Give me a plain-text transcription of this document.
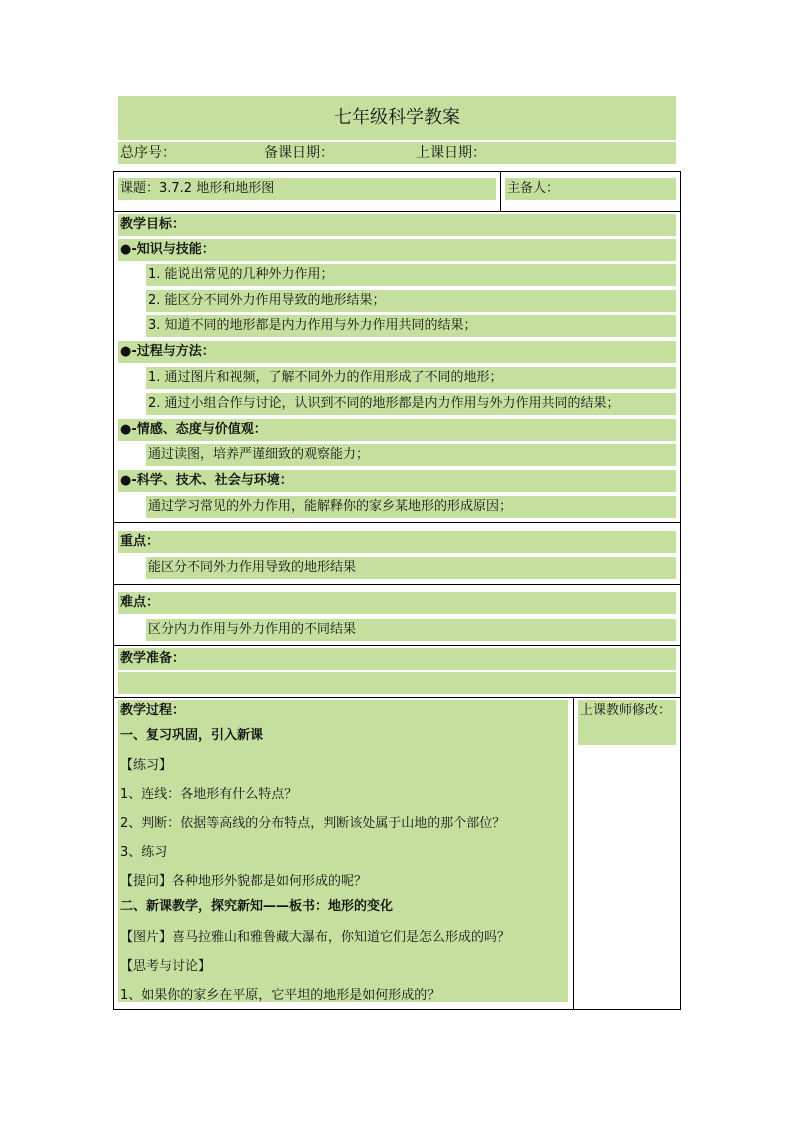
七年级科学教案
总序号：	备课日期：	上课日期：
课题：3.7.2 地形和地形图	主备人：
教学目标：
●-知识与技能：
1. 能说出常见的几种外力作用；
2. 能区分不同外力作用导致的地形结果；
3. 知道不同的地形都是内力作用与外力作用共同的结果；
●-过程与方法：
1. 通过图片和视频，了解不同外力的作用形成了不同的地形；
2. 通过小组合作与讨论，认识到不同的地形都是内力作用与外力作用共同的结果；
●-情感、态度与价值观：
通过读图，培养严谨细致的观察能力；
●-科学、技术、社会与环境：
通过学习常见的外力作用，能解释你的家乡某地形的形成原因；
重点：
能区分不同外力作用导致的地形结果
难点：
区分内力作用与外力作用的不同结果
教学准备：
教学过程：
一、复习巩固，引入新课
【练习】
1、连线：各地形有什么特点？
2、判断：依据等高线的分布特点，判断该处属于山地的那个部位？
3、练习
【提问】各种地形外貌都是如何形成的呢？
二、新课教学，探究新知——板书：地形的变化
【图片】喜马拉雅山和雅鲁藏大瀑布，你知道它们是怎么形成的吗？
【思考与讨论】
1、如果你的家乡在平原，它平坦的地形是如何形成的？
上课教师修改：
